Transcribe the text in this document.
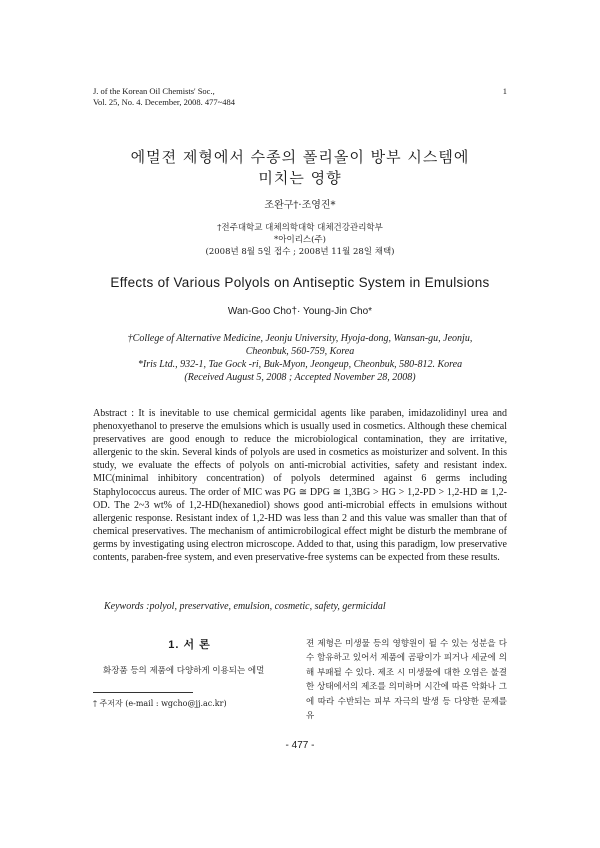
J. of the Korean Oil Chemists' Soc.,
Vol. 25, No. 4. December, 2008. 477~484
1
에멀젼 제형에서 수종의 폴리올이 방부 시스템에
미치는 영향
조완구†·조영진*
†전주대학교 대체의학대학 대체건강관리학부
*아이리스(주)
(2008년 8월 5일 접수 ; 2008년 11월 28일 채택)
Effects of Various Polyols on Antiseptic System in Emulsions
Wan-Goo Cho†· Young-Jin Cho*
†College of Alternative Medicine, Jeonju University, Hyoja-dong, Wansan-gu, Jeonju,
Cheonbuk, 560-759, Korea
*Iris Ltd., 932-1, Tae Gock -ri, Buk-Myon, Jeongeup, Cheonbuk, 580-812. Korea
(Received August 5, 2008 ; Accepted November 28, 2008)
Abstract : It is inevitable to use chemical germicidal agents like paraben, imidazolidinyl urea and phenoxyethanol to preserve the emulsions which is usually used in cosmetics. Although these chemical preservatives are good enough to reduce the microbiological contamination, they are irritative, allergenic to the skin. Several kinds of polyols are used in cosmetics as moisturizer and solvent. In this study, we evaluate the effects of polyols on anti-microbial activities, safety and resistant index. MIC(minimal inhibitory concentration) of polyols determined against 6 germs including Staphylococcus aureus. The order of MIC was PG ≅ DPG ≅ 1,3BG > HG > 1,2-PD > 1,2-HD ≅ 1,2-OD. The 2~3 wt% of 1,2-HD(hexanediol) shows good anti-microbial effects in emulsions without allergenic response. Resistant index of 1,2-HD was less than 2 and this value was smaller than that of chemical preservatives. The mechanism of antimicrobilogical effect might be disturb the membrane of germs by investigating using electron microscope. Added to that, using this paradigm, low preservative contents, paraben-free system, and even preservative-free systems can be expected from these results.
Keywords :polyol, preservative, emulsion, cosmetic, safety, germicidal
1. 서 론

화장품 등의 제품에 다양하게 이용되는 에멀

† 주저자 (e-mail : wgcho@jj.ac.kr)

젼 제형은 미생물 등의 영향원이 될 수 있는 성분을 다수 함유하고 있어서 제품에 곰팡이가 피거나 세균에 의해 부패될 수 있다. 제조 시 미생물에 대한 오염은 불결한 상태에서의 제조를 의미하며 시간에 따른 악화나 그에 따라 수반되는 피부 자극의 발생 등 다양한 문제를 유

- 477 -
